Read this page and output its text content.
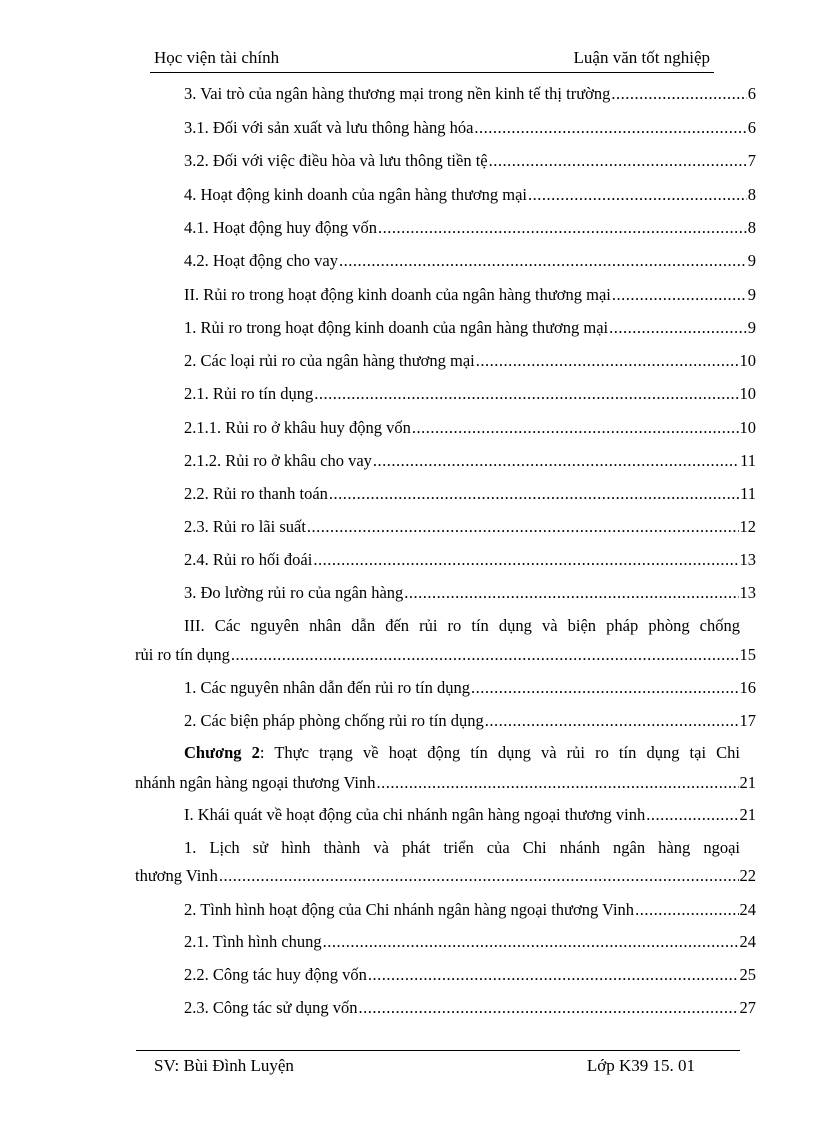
Học viện tài chính	Luận văn tốt nghiệp
3. Vai trò của ngân hàng thương mại trong nền kinh tế thị trường .....	6
3.1. Đối với sản xuất và lưu thông hàng hóa .....	6
3.2. Đối với việc điều hòa và lưu thông tiền tệ .....	7
4. Hoạt động kinh doanh của ngân hàng thương mại .....	8
4.1. Hoạt động huy động vốn .....	8
4.2. Hoạt động cho vay .....	9
II. Rủi ro trong hoạt động kinh doanh của ngân hàng thương mại .....	9
1. Rủi ro trong hoạt động kinh doanh của ngân hàng thương mại .....	9
2. Các loại rủi ro của ngân hàng thương mại .....	10
2.1. Rủi ro tín dụng .....	10
2.1.1. Rủi ro ở khâu huy động vốn .....	10
2.1.2. Rủi ro ở khâu cho vay .....	11
2.2. Rủi ro thanh toán .....	11
2.3. Rủi ro lãi suất .....	12
2.4. Rủi ro hối đoái .....	13
3. Đo lường rủi ro của ngân hàng .....	13
III. Các nguyên nhân dẫn đến rủi ro tín dụng và biện pháp phòng chống
rủi ro tín dụng .....	15
1. Các nguyên nhân dẫn đến rủi ro tín dụng .....	16
2. Các biện pháp phòng chống rủi ro tín dụng .....	17
Chương 2: Thực trạng về hoạt động tín dụng và rủi ro tín dụng tại Chi
nhánh ngân hàng ngoại thương Vinh .....	21
I. Khái quát về hoạt động của chi nhánh ngân hàng ngoại thương vinh .....	21
1. Lịch sử hình thành và phát triển của Chi nhánh ngân hàng ngoại
thương Vinh .....	22
2. Tình hình hoạt động của Chi nhánh ngân hàng ngoại thương Vinh .....	24
2.1. Tình hình chung .....	24
2.2. Công tác huy động vốn .....	25
2.3. Công tác sử dụng vốn .....	27
SV: Bùi Đình Luyện	Lớp K39 15. 01
